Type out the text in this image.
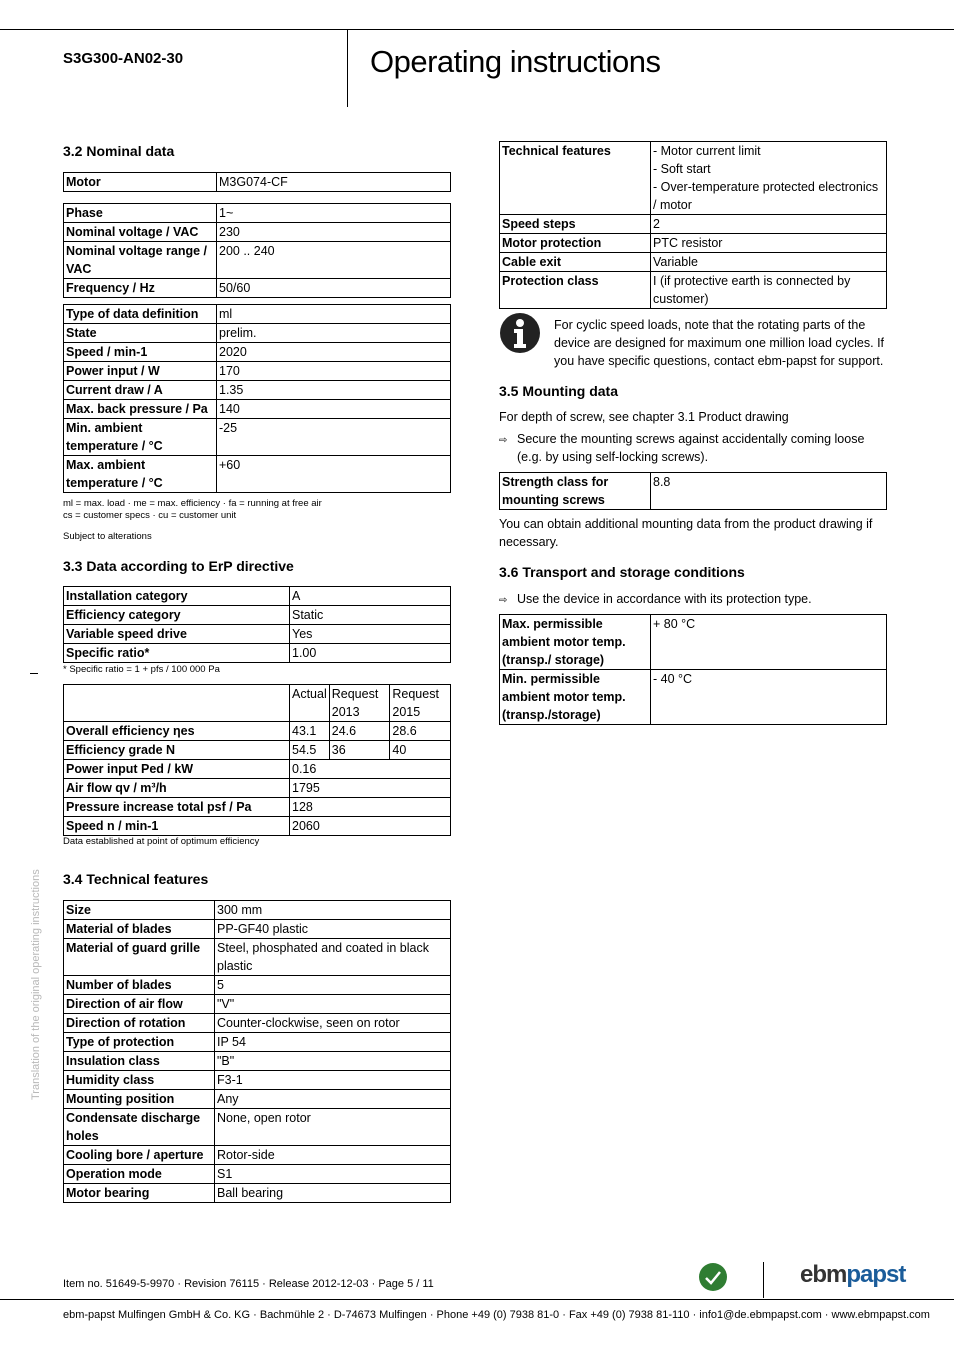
S3G300-AN02-30	Operating instructions
Translation of the original operating instructions
3.2 Nominal data
Motor	M3G074-CF
Phase	1~
Nominal voltage / VAC	230
Nominal voltage range / VAC	200 .. 240
Frequency / Hz	50/60
Type of data definition	ml
State	prelim.
Speed / min-1	2020
Power input / W	170
Current draw / A	1.35
Max. back pressure / Pa	140
Min. ambient temperature / °C	-25
Max. ambient temperature / °C	+60
ml = max. load · me = max. efficiency · fa = running at free air
cs = customer specs · cu = customer unit
Subject to alterations
3.3 Data according to ErP directive
Installation category	A
Efficiency category	Static
Variable speed drive	Yes
Specific ratio*	1.00
* Specific ratio = 1 + pfs / 100 000 Pa
	Actual	Request 2013	Request 2015
Overall efficiency ηes	43.1	24.6	28.6
Efficiency grade N	54.5	36	40
Power input Ped / kW	0.16		
Air flow qv / m³/h	1795		
Pressure increase total psf / Pa	128		
Speed n / min-1	2060		
Data established at point of optimum efficiency
3.4 Technical features
Size	300 mm
Material of blades	PP-GF40 plastic
Material of guard grille	Steel, phosphated and coated in black plastic
Number of blades	5
Direction of air flow	"V"
Direction of rotation	Counter-clockwise, seen on rotor
Type of protection	IP 54
Insulation class	"B"
Humidity class	F3-1
Mounting position	Any
Condensate discharge holes	None, open rotor
Cooling bore / aperture	Rotor-side
Operation mode	S1
Motor bearing	Ball bearing
Technical features	- Motor current limit
- Soft start
- Over-temperature protected electronics / motor
Speed steps	2
Motor protection	PTC resistor
Cable exit	Variable
Protection class	I (if protective earth is connected by customer)
For cyclic speed loads, note that the rotating parts of the device are designed for maximum one million load cycles. If you have specific questions, contact ebm-papst for support.
3.5 Mounting data
For depth of screw, see chapter 3.1 Product drawing
⇨ Secure the mounting screws against accidentally coming loose (e.g. by using self-locking screws).
Strength class for mounting screws	8.8
You can obtain additional mounting data from the product drawing if necessary.
3.6 Transport and storage conditions
⇨ Use the device in accordance with its protection type.
Max. permissible ambient motor temp. (transp./ storage)	+ 80 °C
Min. permissible ambient motor temp. (transp./storage)	- 40 °C
Item no. 51649-5-9970 · Revision 76115 · Release 2012-12-03 · Page 5 / 11	ebmpapst
ebm-papst Mulfingen GmbH & Co. KG · Bachmühle 2 · D-74673 Mulfingen · Phone +49 (0) 7938 81-0 · Fax +49 (0) 7938 81-110 · info1@de.ebmpapst.com · www.ebmpapst.com
